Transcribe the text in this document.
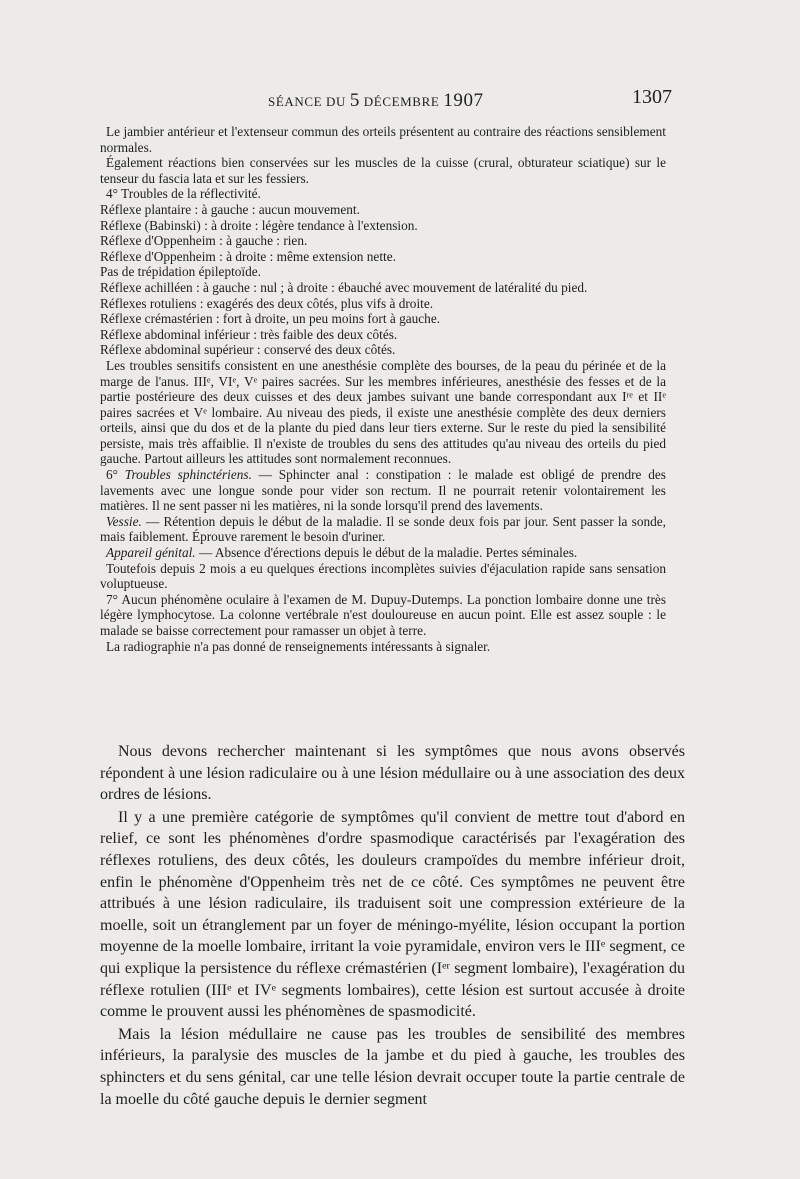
SÉANCE DU 5 DÉCEMBRE 1907	1307

Le jambier antérieur et l'extenseur commun des orteils présentent au contraire des réactions sensiblement normales.

Également réactions bien conservées sur les muscles de la cuisse (crural, obturateur sciatique) sur le tenseur du fascia lata et sur les fessiers.

4° Troubles de la réflectivité.

Réflexe plantaire : à gauche : aucun mouvement.

Réflexe (Babinski) : à droite : légère tendance à l'extension.

Réflexe d'Oppenheim : à gauche : rien.

Réflexe d'Oppenheim : à droite : même extension nette.

Pas de trépidation épileptoïde.

Réflexe achilléen : à gauche : nul ; à droite : ébauché avec mouvement de latéralité du pied.

Réflexes rotuliens : exagérés des deux côtés, plus vifs à droite.

Réflexe crémastérien : fort à droite, un peu moins fort à gauche.

Réflexe abdominal inférieur : très faible des deux côtés.

Réflexe abdominal supérieur : conservé des deux côtés.

Les troubles sensitifs consistent en une anesthésie complète des bourses, de la peau du périnée et de la marge de l'anus. IIIe, VIe, Ve paires sacrées. Sur les membres inférieures, anesthésie des fesses et de la partie postérieure des deux cuisses et des deux jambes suivant une bande correspondant aux Ire et IIe paires sacrées et Ve lombaire. Au niveau des pieds, il existe une anesthésie complète des deux derniers orteils, ainsi que du dos et de la plante du pied dans leur tiers externe. Sur le reste du pied la sensibilité persiste, mais très affaiblie. Il n'existe de troubles du sens des attitudes qu'au niveau des orteils du pied gauche. Partout ailleurs les attitudes sont normalement reconnues.

6° Troubles sphinctériens. — Sphincter anal : constipation : le malade est obligé de prendre des lavements avec une longue sonde pour vider son rectum. Il ne pourrait retenir volontairement les matières. Il ne sent passer ni les matières, ni la sonde lorsqu'il prend des lavements.

Vessie. — Rétention depuis le début de la maladie. Il se sonde deux fois par jour. Sent passer la sonde, mais faiblement. Éprouve rarement le besoin d'uriner.

Appareil génital. — Absence d'érections depuis le début de la maladie. Pertes séminales.

Toutefois depuis 2 mois a eu quelques érections incomplètes suivies d'éjaculation rapide sans sensation voluptueuse.

7° Aucun phénomène oculaire à l'examen de M. Dupuy-Dutemps. La ponction lombaire donne une très légère lymphocytose. La colonne vertébrale n'est douloureuse en aucun point. Elle est assez souple : le malade se baisse correctement pour ramasser un objet à terre.

La radiographie n'a pas donné de renseignements intéressants à signaler.

Nous devons rechercher maintenant si les symptômes que nous avons observés répondent à une lésion radiculaire ou à une lésion médullaire ou à une association des deux ordres de lésions.

Il y a une première catégorie de symptômes qu'il convient de mettre tout d'abord en relief, ce sont les phénomènes d'ordre spasmodique caractérisés par l'exagération des réflexes rotuliens, des deux côtés, les douleurs crampoïdes du membre inférieur droit, enfin le phénomène d'Oppenheim très net de ce côté. Ces symptômes ne peuvent être attribués à une lésion radiculaire, ils traduisent soit une compression extérieure de la moelle, soit un étranglement par un foyer de méningo-myélite, lésion occupant la portion moyenne de la moelle lombaire, irritant la voie pyramidale, environ vers le IIIe segment, ce qui explique la persistence du réflexe crémastérien (Ier segment lombaire), l'exagération du réflexe rotulien (IIIe et IVe segments lombaires), cette lésion est surtout accusée à droite comme le prouvent aussi les phénomènes de spasmodicité.

Mais la lésion médullaire ne cause pas les troubles de sensibilité des membres inférieurs, la paralysie des muscles de la jambe et du pied à gauche, les troubles des sphincters et du sens génital, car une telle lésion devrait occuper toute la partie centrale de la moelle du côté gauche depuis le dernier segment
